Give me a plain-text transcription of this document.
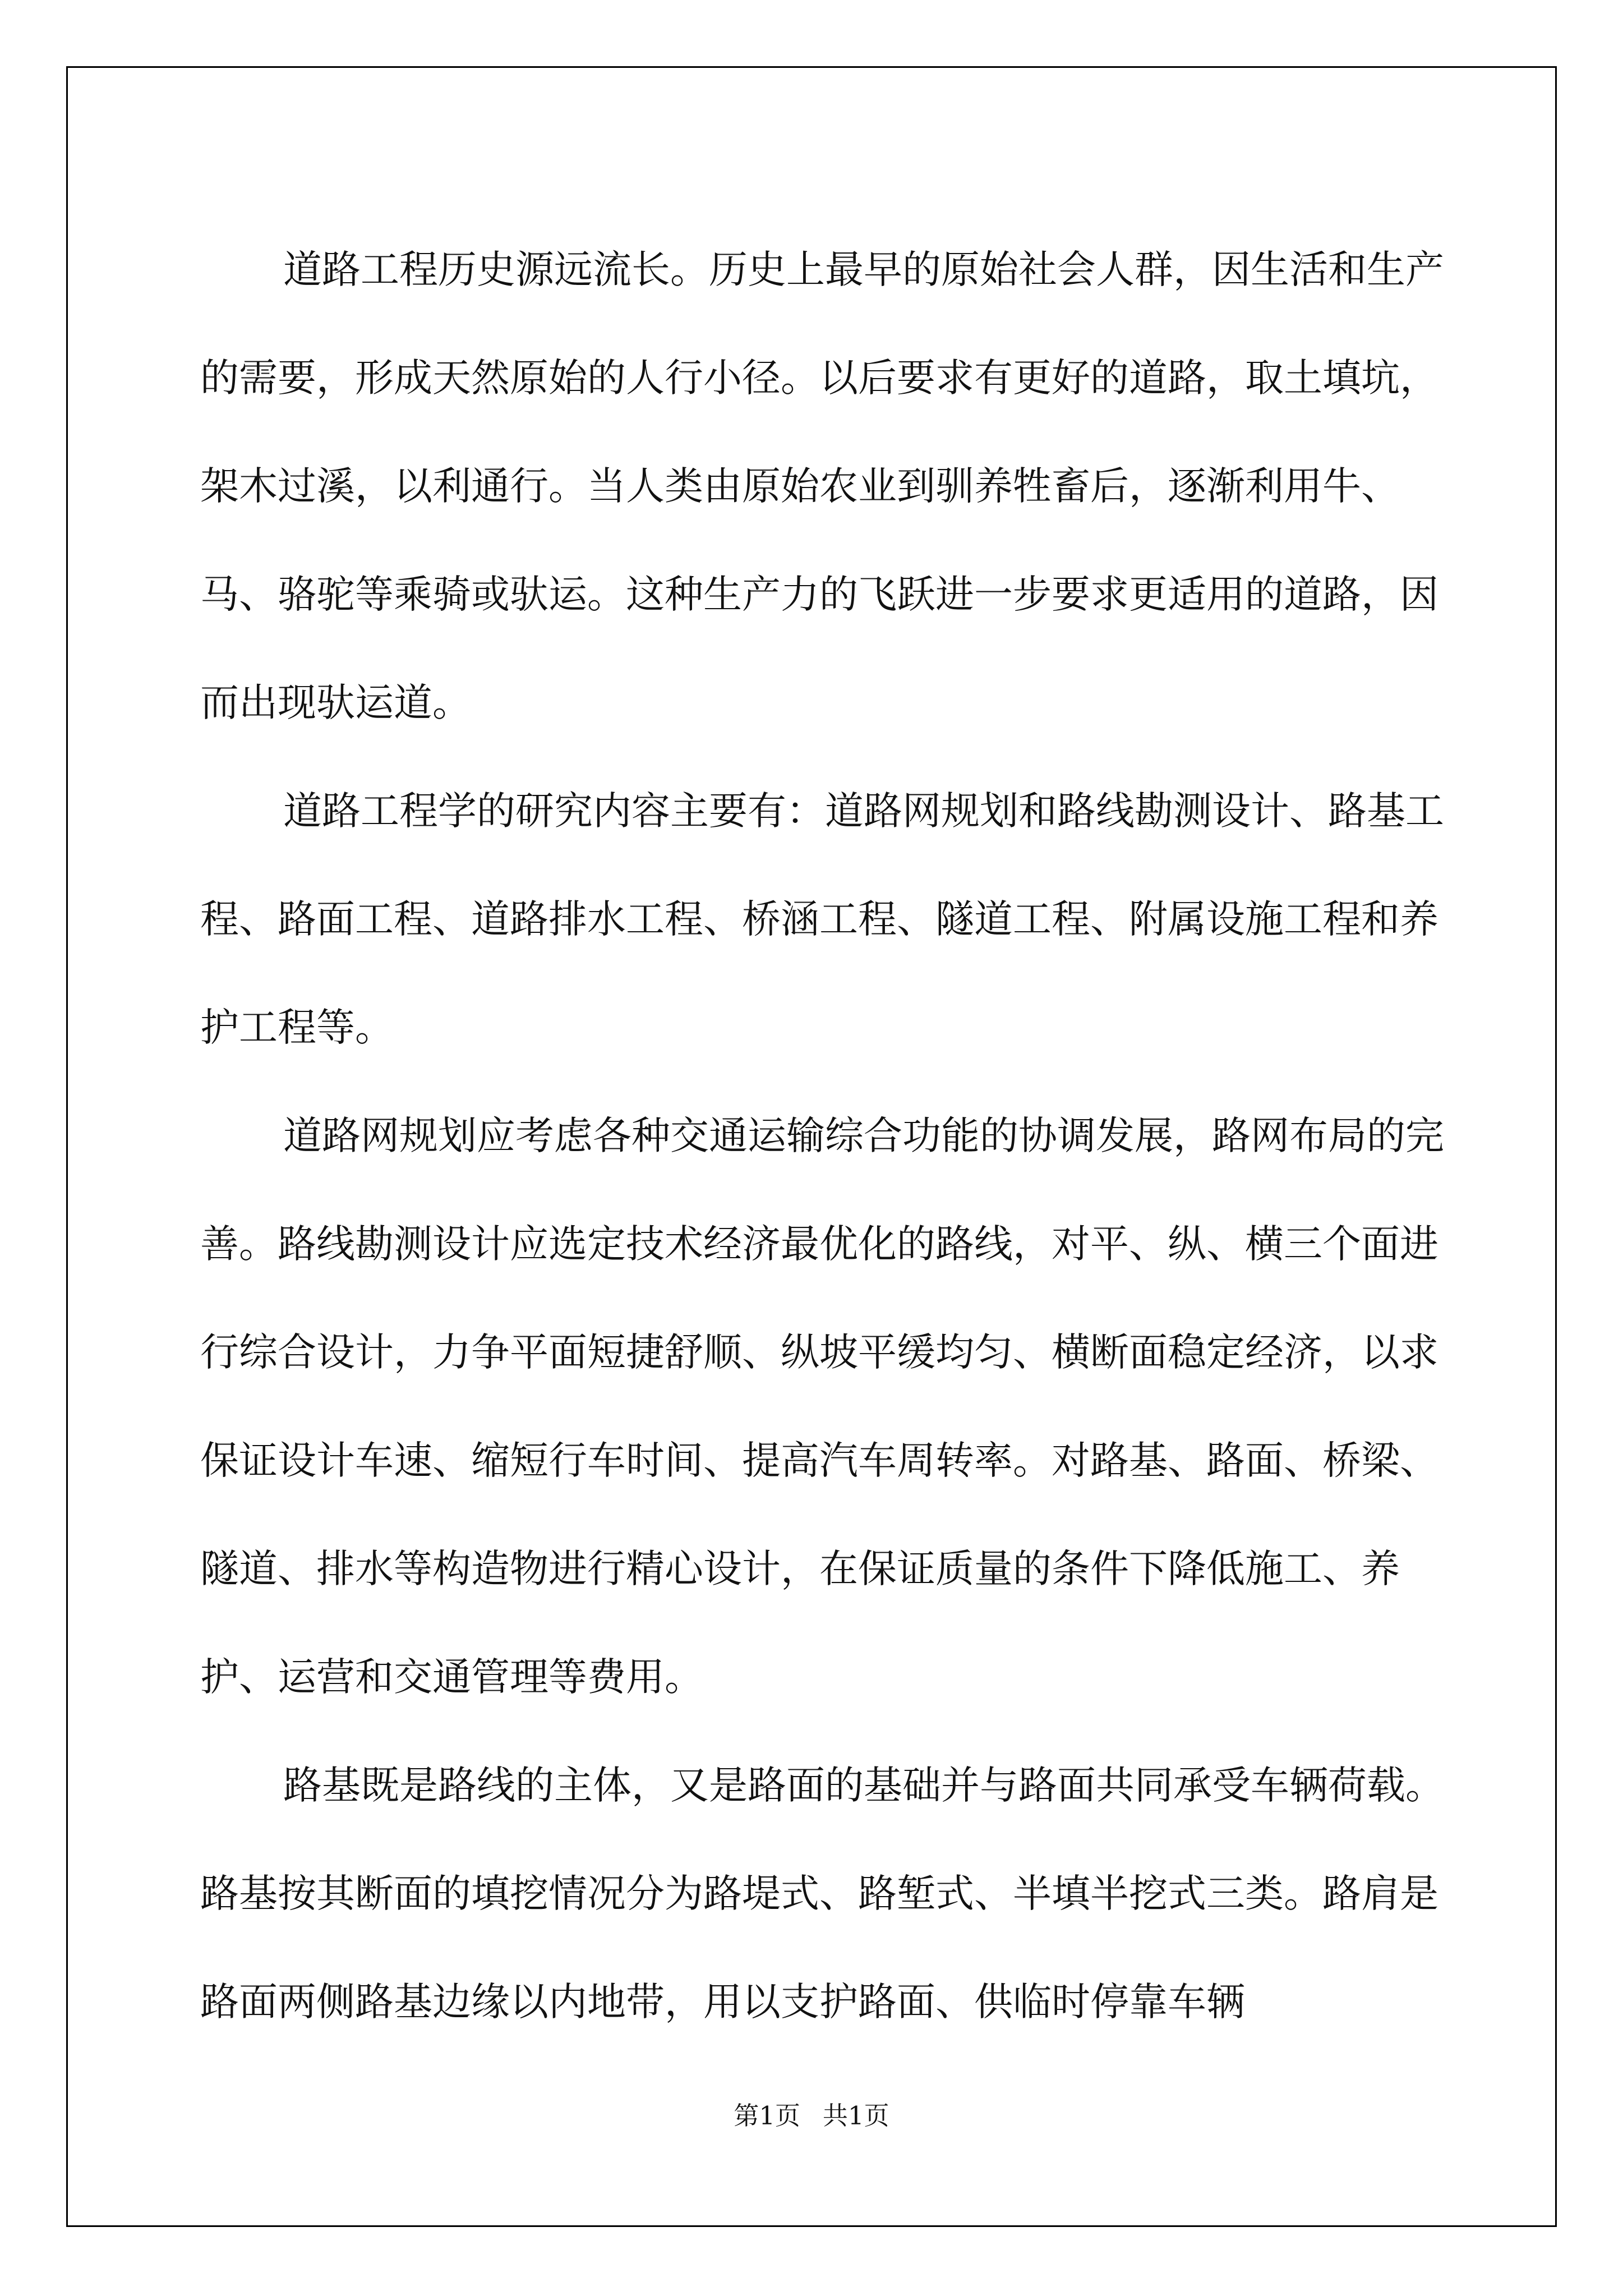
道路工程历史源远流长。历史上最早的原始社会人群，因生活和生产的需要，形成天然原始的人行小径。以后要求有更好的道路，取土填坑，架木过溪，以利通行。当人类由原始农业到驯养牲畜后，逐渐利用牛、马、骆驼等乘骑或驮运。这种生产力的飞跃进一步要求更适用的道路，因而出现驮运道。

道路工程学的研究内容主要有：道路网规划和路线勘测设计、路基工程、路面工程、道路排水工程、桥涵工程、隧道工程、附属设施工程和养护工程等。

道路网规划应考虑各种交通运输综合功能的协调发展，路网布局的完善。路线勘测设计应选定技术经济最优化的路线，对平、纵、横三个面进行综合设计，力争平面短捷舒顺、纵坡平缓均匀、横断面稳定经济，以求保证设计车速、缩短行车时间、提高汽车周转率。对路基、路面、桥梁、隧道、排水等构造物进行精心设计，在保证质量的条件下降低施工、养护、运营和交通管理等费用。

路基既是路线的主体，又是路面的基础并与路面共同承受车辆荷载。路基按其断面的填挖情况分为路堤式、路堑式、半填半挖式三类。路肩是路面两侧路基边缘以内地带，用以支护路面、供临时停靠车辆

第1页 共1页
